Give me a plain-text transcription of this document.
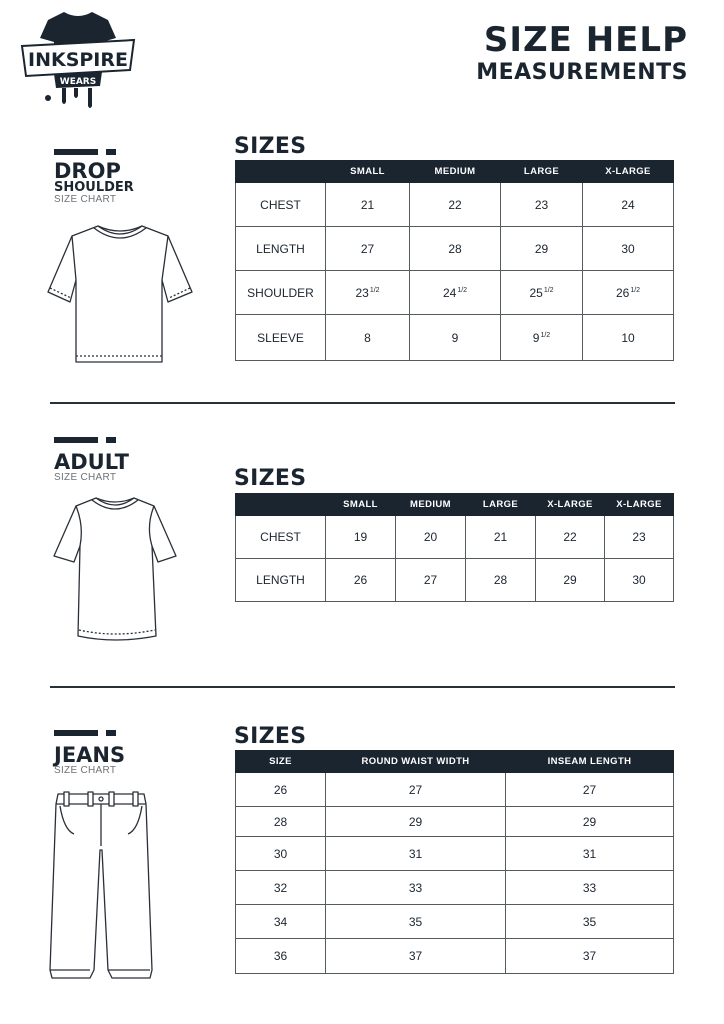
INKSPIRE
WEARS
SIZE HELP
MEASUREMENTS
DROP
SHOULDER
SIZE CHART
SIZES
	SMALL	MEDIUM	LARGE	X-LARGE
CHEST	21	22	23	24
LENGTH	27	28	29	30
SHOULDER	$23^{1/2}$	$24^{1/2}$	$25^{1/2}$	$26^{1/2}$
SLEEVE	8	9	$9^{1/2}$	10
ADULT
SIZE CHART	SIZES
	SMALL	MEDIUM	LARGE	X-LARGE	X-LARGE
CHEST	19	20	21	22	23
LENGTH	26	27	28	29	30
JEANS
SIZE CHART
SIZES
SIZE	ROUND WAIST WIDTH	INSEAM LENGTH
26	27	27
28	29	29
30	31	31
32	33	33
34	35	35
36	37	37
